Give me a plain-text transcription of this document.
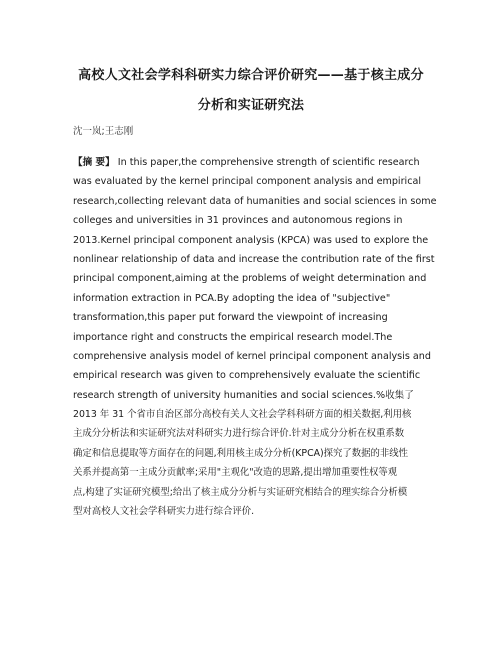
高校人文社会学科科研实力综合评价研究——基于核主成分
分析和实证研究法
沈一岚;王志刚
【摘 要】 In this paper,the comprehensive strength of scientific research
was evaluated by the kernel principal component analysis and empirical
research,collecting relevant data of humanities and social sciences in some
colleges and universities in 31 provinces and autonomous regions in
2013.Kernel principal component analysis (KPCA) was used to explore the
nonlinear relationship of data and increase the contribution rate of the first
principal component,aiming at the problems of weight determination and
information extraction in PCA.By adopting the idea of "subjective"
transformation,this paper put forward the viewpoint of increasing
importance right and constructs the empirical research model.The
comprehensive analysis model of kernel principal component analysis and
empirical research was given to comprehensively evaluate the scientific
research strength of university humanities and social sciences.%收集了
2013 年 31 个省市自治区部分高校有关人文社会学科科研方面的相关数据,利用核
主成分分析法和实证研究法对科研实力进行综合评价.针对主成分分析在权重系数
确定和信息提取等方面存在的问题,利用核主成分分析(KPCA)探究了数据的非线性
关系并提高第一主成分贡献率;采用"主观化"改造的思路,提出增加重要性权等观
点,构建了实证研究模型;给出了核主成分分析与实证研究相结合的理实综合分析模
型对高校人文社会学科研实力进行综合评价.
